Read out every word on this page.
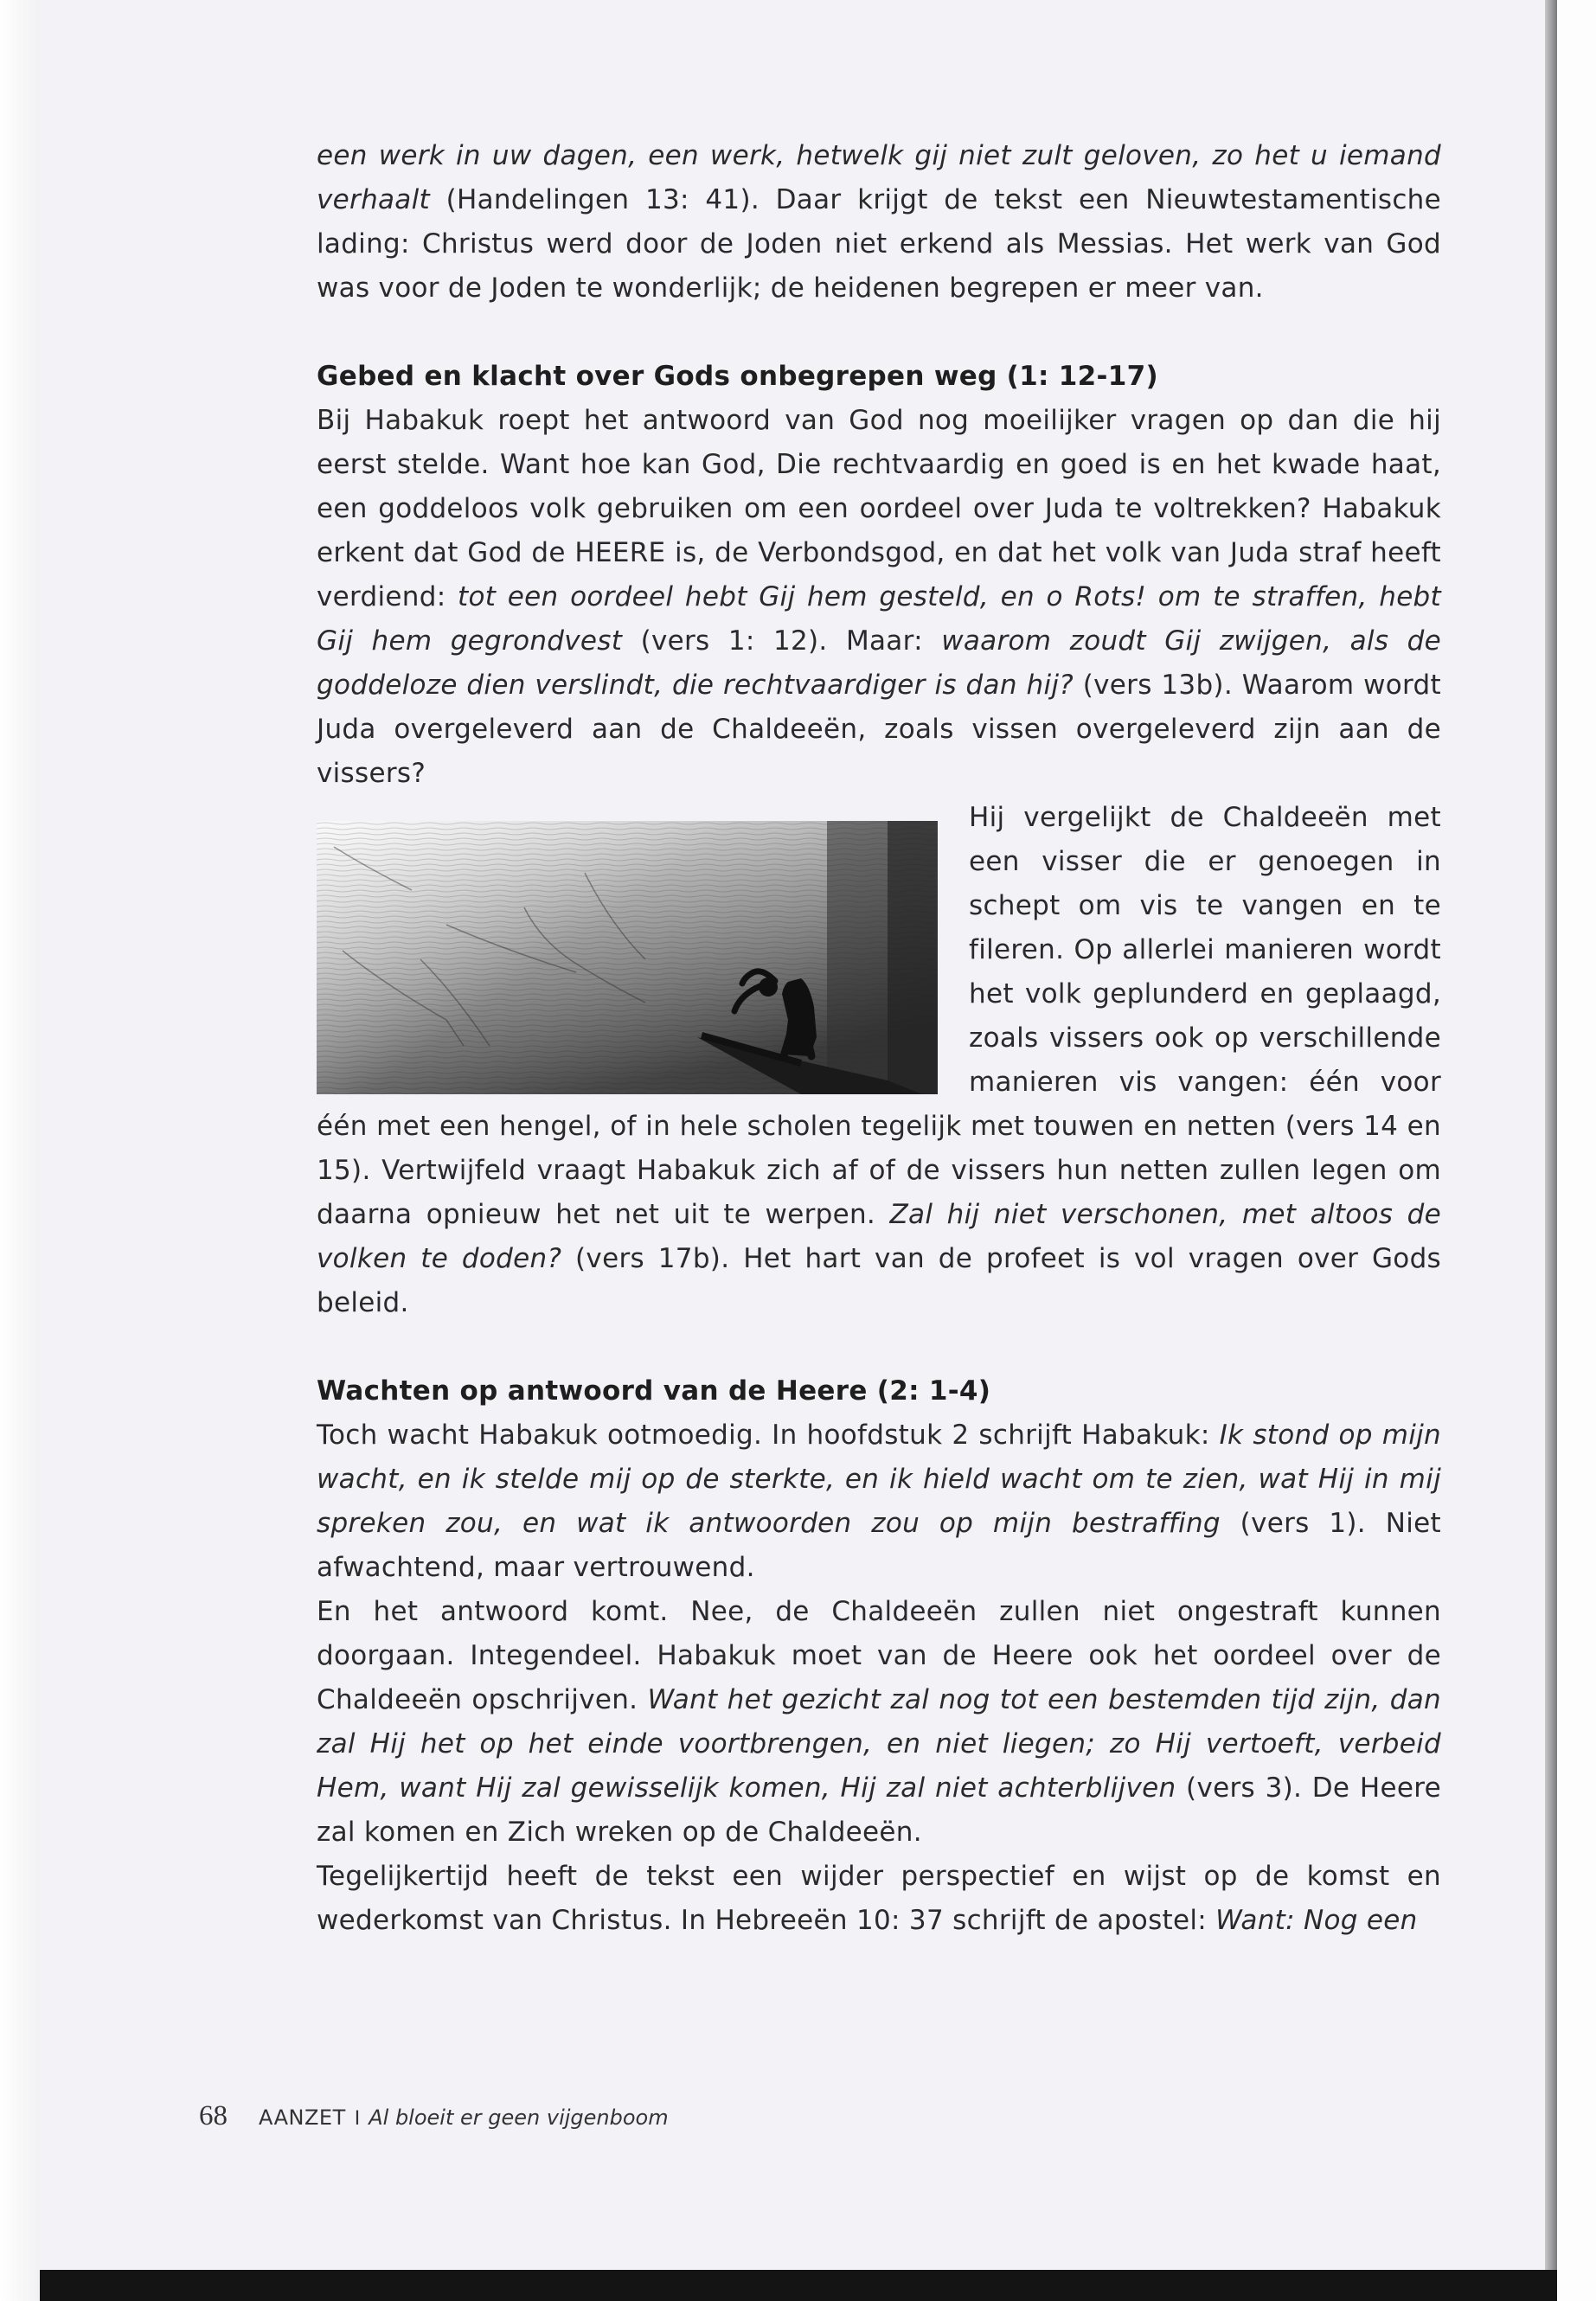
een werk in uw dagen, een werk, hetwelk gij niet zult geloven, zo het u iemand verhaalt (Handelingen 13: 41). Daar krijgt de tekst een Nieuwtestamentische lading: Christus werd door de Joden niet erkend als Messias. Het werk van God was voor de Joden te wonderlijk; de heidenen begrepen er meer van.

Gebed en klacht over Gods onbegrepen weg (1: 12-17)

Bij Habakuk roept het antwoord van God nog moeilijker vragen op dan die hij eerst stelde. Want hoe kan God, Die rechtvaardig en goed is en het kwade haat, een goddeloos volk gebruiken om een oordeel over Juda te voltrekken? Habakuk erkent dat God de HEERE is, de Verbondsgod, en dat het volk van Juda straf heeft verdiend: tot een oordeel hebt Gij hem gesteld, en o Rots! om te straffen, hebt Gij hem gegrondvest (vers 1: 12). Maar: waarom zoudt Gij zwijgen, als de goddeloze dien verslindt, die rechtvaardiger is dan hij? (vers 13b). Waarom wordt Juda overgeleverd aan de Chaldeeën, zoals vissen overgeleverd zijn aan de vissers?

Hij vergelijkt de Chaldeeën met een visser die er genoegen in schept om vis te vangen en te fileren. Op allerlei manieren wordt het volk geplunderd en geplaagd, zoals vissers ook op verschillende manieren vis vangen: één voor één met een hengel, of in hele scholen tegelijk met touwen en netten (vers 14 en 15). Vertwijfeld vraagt Habakuk zich af of de vissers hun netten zullen legen om daarna opnieuw het net uit te werpen. Zal hij niet verschonen, met altoos de volken te doden? (vers 17b). Het hart van de profeet is vol vragen over Gods beleid.

Wachten op antwoord van de Heere (2: 1-4)

Toch wacht Habakuk ootmoedig. In hoofdstuk 2 schrijft Habakuk: Ik stond op mijn wacht, en ik stelde mij op de sterkte, en ik hield wacht om te zien, wat Hij in mij spreken zou, en wat ik antwoorden zou op mijn bestraffing (vers 1). Niet afwachtend, maar vertrouwend.

En het antwoord komt. Nee, de Chaldeeën zullen niet ongestraft kunnen doorgaan. Integendeel. Habakuk moet van de Heere ook het oordeel over de Chaldeeën opschrijven. Want het gezicht zal nog tot een bestemden tijd zijn, dan zal Hij het op het einde voortbrengen, en niet liegen; zo Hij vertoeft, verbeid Hem, want Hij zal gewisselijk komen, Hij zal niet achterblijven (vers 3). De Heere zal komen en Zich wreken op de Chaldeeën.

Tegelijkertijd heeft de tekst een wijder perspectief en wijst op de komst en wederkomst van Christus. In Hebreeën 10: 37 schrijft de apostel: Want: Nog een

68 AANZET I Al bloeit er geen vijgenboom
